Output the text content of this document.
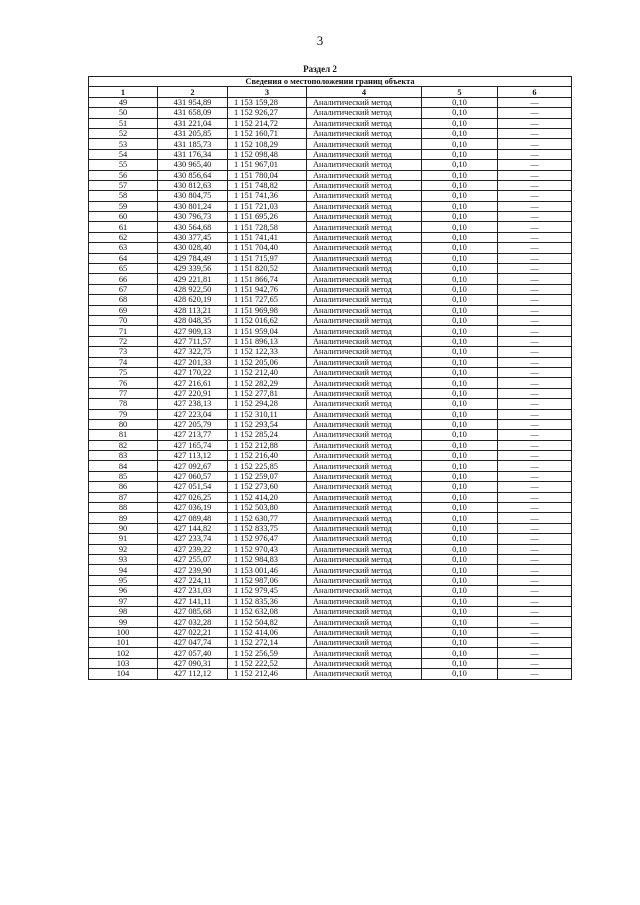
3
Раздел 2
Сведения о местоположении границ объекта					
1	2	3	4	5	6
49	431 954,89	1 153 159,28	Аналитический метод	0,10	—
50	431 658,09	1 152 926,27	Аналитический метод	0,10	—
51	431 221,04	1 152 214,72	Аналитический метод	0,10	—
52	431 205,85	1 152 160,71	Аналитический метод	0,10	—
53	431 185,73	1 152 108,29	Аналитический метод	0,10	—
54	431 176,34	1 152 098,48	Аналитический метод	0,10	—
55	430 965,40	1 151 967,01	Аналитический метод	0,10	—
56	430 856,64	1 151 780,04	Аналитический метод	0,10	—
57	430 812,63	1 151 748,82	Аналитический метод	0,10	—
58	430 804,75	1 151 741,36	Аналитический метод	0,10	—
59	430 801,24	1 151 721,03	Аналитический метод	0,10	—
60	430 796,73	1 151 695,26	Аналитический метод	0,10	—
61	430 564,68	1 151 728,58	Аналитический метод	0,10	—
62	430 377,45	1 151 741,41	Аналитический метод	0,10	—
63	430 028,40	1 151 704,40	Аналитический метод	0,10	—
64	429 784,49	1 151 715,97	Аналитический метод	0,10	—
65	429 339,56	1 151 820,52	Аналитический метод	0,10	—
66	429 221,81	1 151 866,74	Аналитический метод	0,10	—
67	428 922,50	1 151 942,76	Аналитический метод	0,10	—
68	428 620,19	1 151 727,65	Аналитический метод	0,10	—
69	428 113,21	1 151 969,98	Аналитический метод	0,10	—
70	428 048,35	1 152 016,62	Аналитический метод	0,10	—
71	427 909,13	1 151 959,04	Аналитический метод	0,10	—
72	427 711,57	1 151 896,13	Аналитический метод	0,10	—
73	427 322,75	1 152 122,33	Аналитический метод	0,10	—
74	427 201,33	1 152 205,06	Аналитический метод	0,10	—
75	427 170,22	1 152 212,40	Аналитический метод	0,10	—
76	427 216,61	1 152 282,29	Аналитический метод	0,10	—
77	427 220,91	1 152 277,81	Аналитический метод	0,10	—
78	427 238,13	1 152 294,28	Аналитический метод	0,10	—
79	427 223,04	1 152 310,11	Аналитический метод	0,10	—
80	427 205,79	1 152 293,54	Аналитический метод	0,10	—
81	427 213,77	1 152 285,24	Аналитический метод	0,10	—
82	427 165,74	1 152 212,88	Аналитический метод	0,10	—
83	427 113,12	1 152 216,40	Аналитический метод	0,10	—
84	427 092,67	1 152 225,85	Аналитический метод	0,10	—
85	427 060,57	1 152 259,07	Аналитический метод	0,10	—
86	427 051,54	1 152 273,60	Аналитический метод	0,10	—
87	427 026,25	1 152 414,20	Аналитический метод	0,10	—
88	427 036,19	1 152 503,80	Аналитический метод	0,10	—
89	427 089,48	1 152 630,77	Аналитический метод	0,10	—
90	427 144,82	1 152 833,75	Аналитический метод	0,10	—
91	427 233,74	1 152 976,47	Аналитический метод	0,10	—
92	427 239,22	1 152 970,43	Аналитический метод	0,10	—
93	427 255,07	1 152 984,83	Аналитический метод	0,10	—
94	427 239,90	1 153 001,46	Аналитический метод	0,10	—
95	427 224,11	1 152 987,06	Аналитический метод	0,10	—
96	427 231,03	1 152 979,45	Аналитический метод	0,10	—
97	427 141,11	1 152 835,36	Аналитический метод	0,10	—
98	427 085,68	1 152 632,08	Аналитический метод	0,10	—
99	427 032,28	1 152 504,82	Аналитический метод	0,10	—
100	427 022,21	1 152 414,06	Аналитический метод	0,10	—
101	427 047,74	1 152 272,14	Аналитический метод	0,10	—
102	427 057,40	1 152 256,59	Аналитический метод	0,10	—
103	427 090,31	1 152 222,52	Аналитический метод	0,10	—
104	427 112,12	1 152 212,46	Аналитический метод	0,10	—
